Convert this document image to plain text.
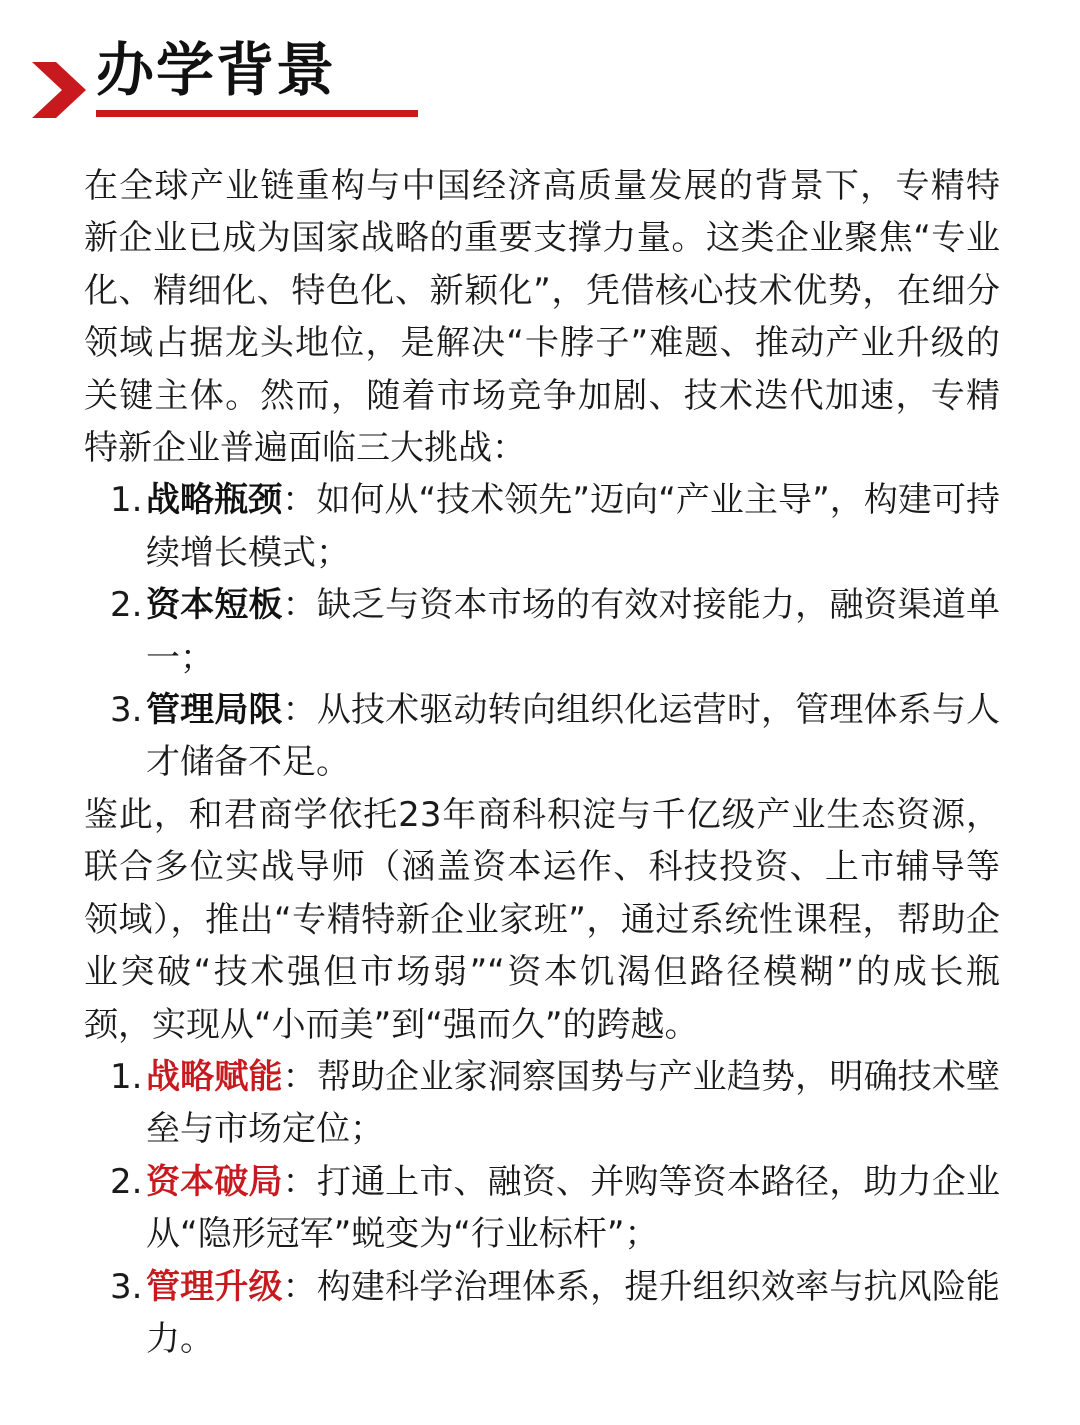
办学背景

在全球产业链重构与中国经济高质量发展的背景下，专精特新企业已成为国家战略的重要支撑力量。这类企业聚焦“专业化、精细化、特色化、新颖化”，凭借核心技术优势，在细分领域占据龙头地位，是解决“卡脖子”难题、推动产业升级的关键主体。然而，随着市场竞争加剧、技术迭代加速，专精特新企业普遍面临三大挑战：

1. 战略瓶颈：如何从“技术领先”迈向“产业主导”，构建可持续增长模式；
2. 资本短板：缺乏与资本市场的有效对接能力，融资渠道单一；
3. 管理局限：从技术驱动转向组织化运营时，管理体系与人才储备不足。

鉴此，和君商学依托23年商科积淀与千亿级产业生态资源，联合多位实战导师（涵盖资本运作、科技投资、上市辅导等领域），推出“专精特新企业家班”，通过系统性课程，帮助企业突破“技术强但市场弱”“资本饥渴但路径模糊”的成长瓶颈，实现从“小而美”到“强而久”的跨越。

1. 战略赋能：帮助企业家洞察国势与产业趋势，明确技术壁垒与市场定位；
2. 资本破局：打通上市、融资、并购等资本路径，助力企业从“隐形冠军”蜕变为“行业标杆”；
3. 管理升级：构建科学治理体系，提升组织效率与抗风险能力。
